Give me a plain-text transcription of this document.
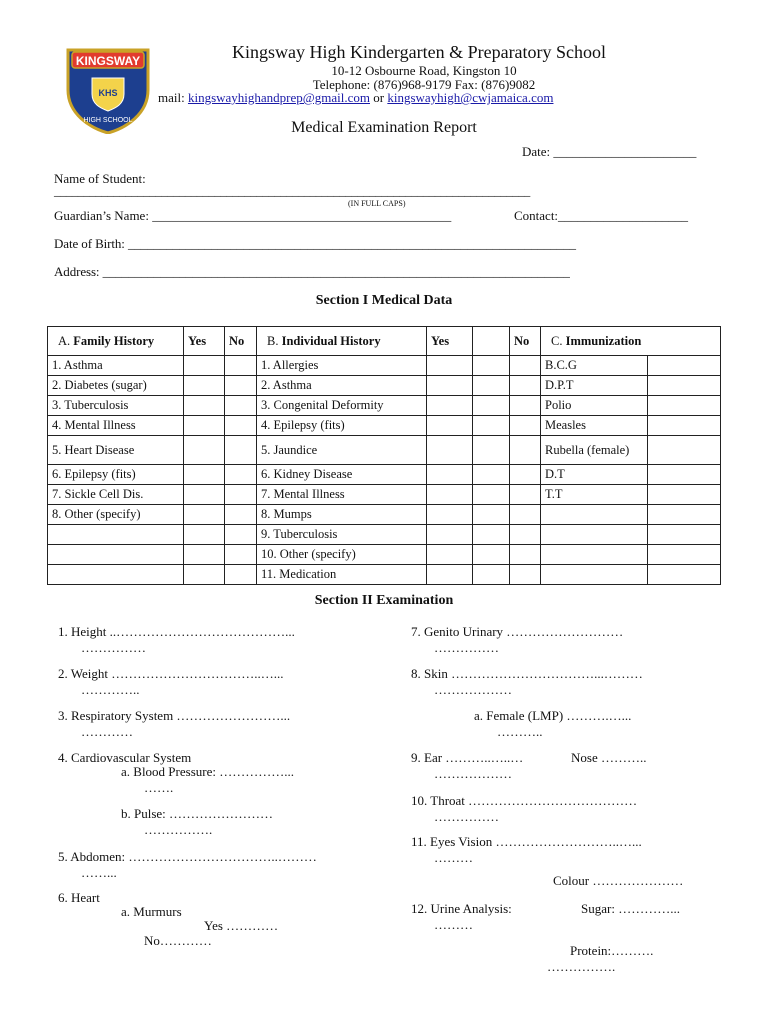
KINGSWAY
KHS
HIGH SCHOOL
Kingsway High Kindergarten & Preparatory School
10-12 Osbourne Road, Kingston 10
Telephone: (876)968-9179 Fax: (876)9082
mail: kingswayhighandprep@gmail.com or kingswayhigh@cwjamaica.com
Medical Examination Report
Date: ______________________
Name of Student:
________________________________________________________________________________
(IN FULL CAPS)
Guardian’s Name: ______________________________________________	Contact:____________________
Date of Birth: ______________________________________________________________________
Address: _________________________________________________________________________
Section I Medical Data
A. Family History	Yes	No	B. Individual History	Yes		No	C. Immunization	
1. Asthma			1. Allergies				B.C.G	
2. Diabetes (sugar)			2. Asthma				D.P.T	
3. Tuberculosis			3. Congenital Deformity				Polio	
4. Mental Illness			4. Epilepsy (fits)				Measles	
5. Heart Disease			5. Jaundice				Rubella (female)	
6. Epilepsy (fits)			6. Kidney Disease				D.T	
7. Sickle Cell Dis.			7. Mental Illness				T.T	
8. Other (specify)			8. Mumps					
			9. Tuberculosis					
			10. Other (specify)					
			11. Medication					
Section II Examination
1. Height ..…………………………………...
……………
2. Weight ……………………………..…...
…………..
3. Respiratory System ……………………...
…………
4. Cardiovascular System
a. Blood Pressure: ……………...
…….
b. Pulse: ……………………
…………….
5. Abdomen: ……………………………..………
……...
6. Heart
a. Murmurs
Yes …………
No…………
7. Genito Urinary ………………………
……………
8. Skin ……………………………...………
………………
a. Female (LMP) ……….…...
………..
9. Ear ………..…..…	Nose ………..
………………
10. Throat …………………………………
……………
11. Eyes Vision ………………………..…...
………
Colour …………………
12. Urine Analysis:	Sugar: …………...
………
Protein:……….
…………….
